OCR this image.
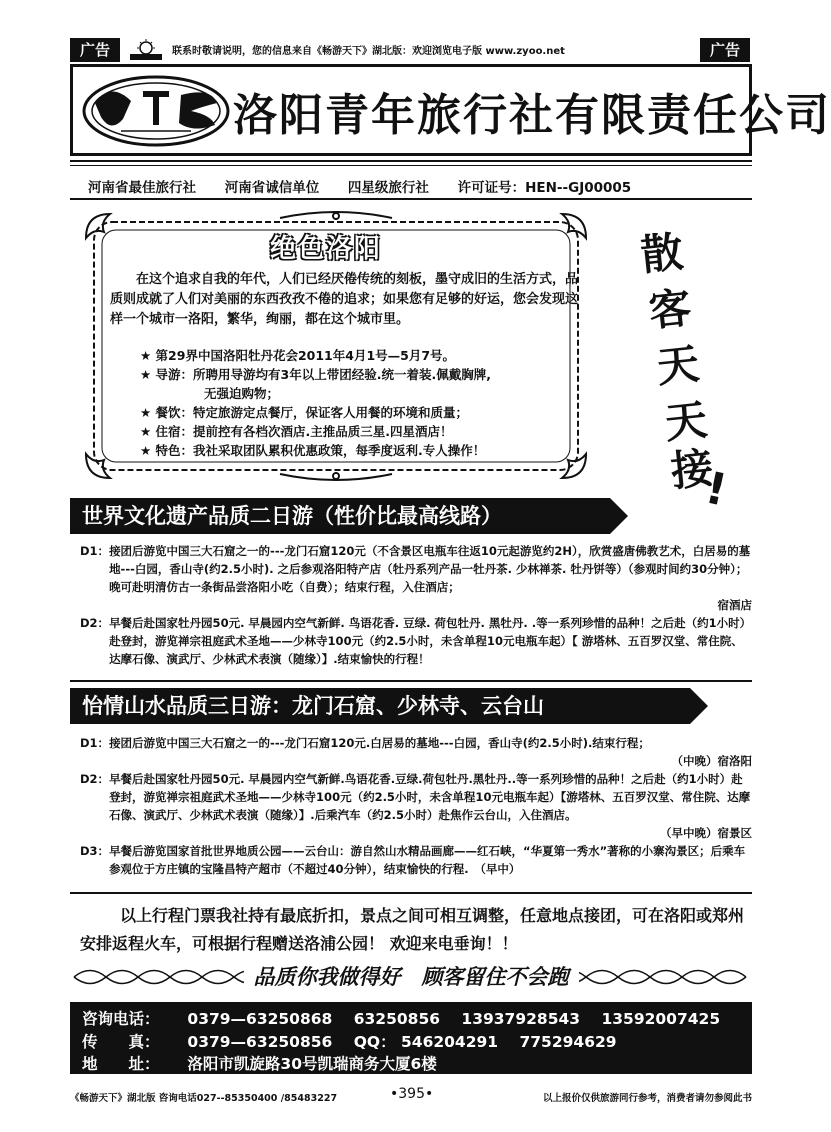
广告	联系时敬请说明，您的信息来自《畅游天下》湖北版：欢迎浏览电子版 www.zyoo.net	广告
洛阳青年旅行社有限责任公司
河南省最佳旅行社 河南省诚信单位 四星级旅行社 许可证号：HEN--GJ00005
绝色洛阳

在这个追求自我的年代，人们已经厌倦传统的刻板，墨守成旧的生活方式，品质则成就了人们对美丽的东西孜孜不倦的追求；如果您有足够的好运，您会发现这样一个城市一洛阳，繁华，绚丽，都在这个城市里。

★ 第29界中国洛阳牡丹花会2011年4月1号—5月7号。
★ 导游：所聘用导游均有3年以上带团经验.统一着装.佩戴胸牌,
无强迫购物；
★ 餐饮：特定旅游定点餐厅，保证客人用餐的环境和质量；
★ 住宿：提前控有各档次酒店.主推品质三星.四星酒店！
★ 特色：我社采取团队累积优惠政策，每季度返利.专人操作！
散
客
天
天
接
!
世界文化遗产品质二日游（性价比最高线路）
D1： 接团后游览中国三大石窟之一的---龙门石窟120元（不含景区电瓶车往返10元起游览约2H），欣赏盛唐佛教艺术，白居易的墓地---白园，香山寺(约2.5小时). 之后参观洛阳特产店（牡丹系列产品一牡丹茶. 少林禅茶. 牡丹饼等）（参观时间约30分钟）；晚可赴明清仿古一条街品尝洛阳小吃（自费）；结束行程，入住酒店；
宿酒店
D2： 早餐后赴国家牡丹园50元. 早晨园内空气新鲜. 鸟语花香. 豆绿. 荷包牡丹. 黑牡丹. .等一系列珍惜的品种！之后赴（约1小时）赴登封，游览禅宗祖庭武术圣地——少林寺100元（约2.5小时，未含单程10元电瓶车起）【 游塔林、五百罗汉堂、常住院、达摩石像、演武厅、少林武术表演（随缘）】.结束愉快的行程！
怡情山水品质三日游：龙门石窟、少林寺、云台山
D1： 接团后游览中国三大石窟之一的---龙门石窟120元.白居易的墓地---白园，香山寺(约2.5小时).结束行程；
（中晚）宿洛阳
D2： 早餐后赴国家牡丹园50元. 早晨园内空气新鲜.鸟语花香.豆绿.荷包牡丹.黑牡丹..等一系列珍惜的品种！之后赴（约1小时）赴登封，游览禅宗祖庭武术圣地——少林寺100元（约2.5小时，未含单程10元电瓶车起）【游塔林、五百罗汉堂、常住院、达摩石像、演武厅、少林武术表演（随缘）】.后乘汽车（约2.5小时）赴焦作云台山，入住酒店。
（早中晚）宿景区
D3： 早餐后游览国家首批世界地质公园——云台山：游自然山水精品画廊——红石峡，“华夏第一秀水”著称的小寨沟景区；后乘车参观位于方庄镇的宝隆昌特产超市（不超过40分钟），结束愉快的行程.　（早中）

以上行程门票我社持有最底折扣，景点之间可相互调整，任意地点接团，可在洛阳或郑州安排返程火车，可根据行程赠送洛浦公园！ 欢迎来电垂询！！

品质你我做得好　顾客留住不会跑
咨询电话： 0379—63250868 63250856 13937928543 13592007425
传　　真： 0379—63250856 QQ： 546204291 775294629
地　　址： 洛阳市凯旋路30号凯瑞商务大厦6楼
《畅游天下》湖北版 咨询电话027--85350400 /85483227	•395•	以上报价仅供旅游同行参考，消费者请勿参阅此书
